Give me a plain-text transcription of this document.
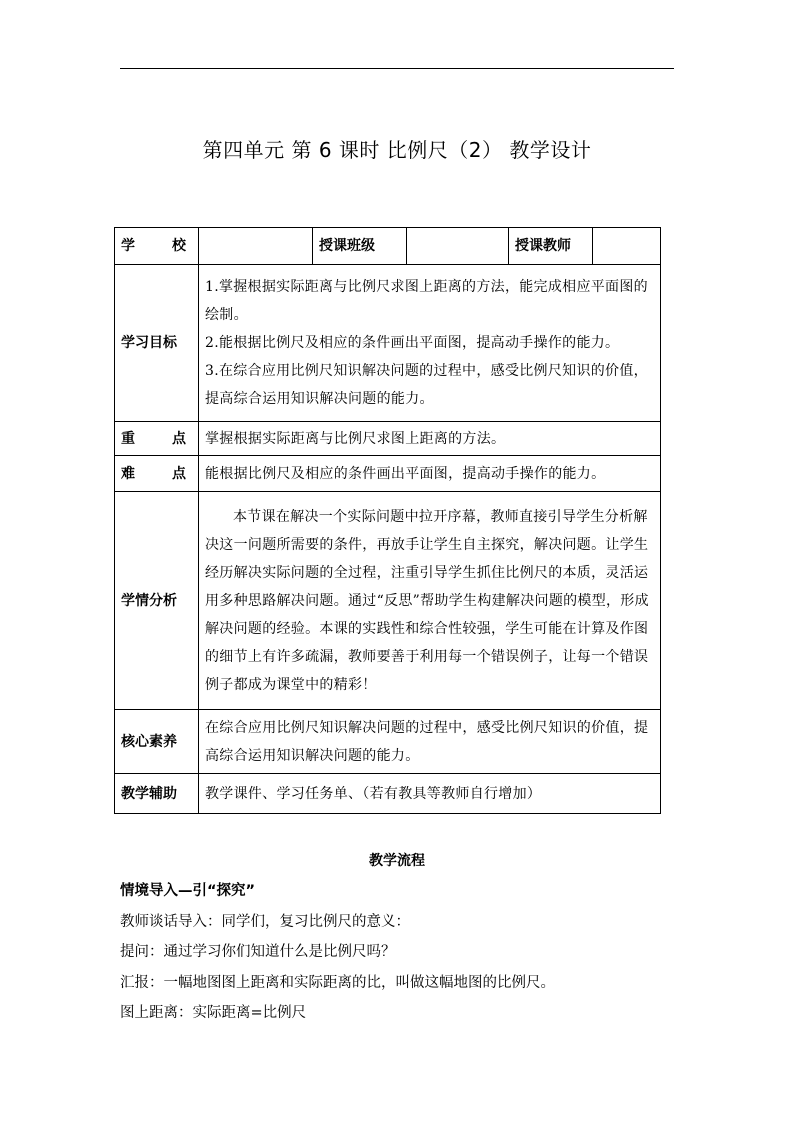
第四单元 第 6 课时 比例尺（2） 教学设计
学 校		授课班级		授课教师	
学习目标	1.掌握根据实际距离与比例尺求图上距离的方法，能完成相应平面图的绘制。

2.能根据比例尺及相应的条件画出平面图，提高动手操作的能力。

3.在综合应用比例尺知识解决问题的过程中，感受比例尺知识的价值，提高综合运用知识解决问题的能力。				

重 点	掌握根据实际距离与比例尺求图上距离的方法。				
难 点	能根据比例尺及相应的条件画出平面图，提高动手操作的能力。				
学情分析	本节课在解决一个实际问题中拉开序幕，教师直接引导学生分析解决这一问题所需要的条件，再放手让学生自主探究，解决问题。让学生经历解决实际问题的全过程，注重引导学生抓住比例尺的本质，灵活运用多种思路解决问题。通过“反思”帮助学生构建解决问题的模型，形成解决问题的经验。本课的实践性和综合性较强，学生可能在计算及作图的细节上有许多疏漏，教师要善于利用每一个错误例子，让每一个错误例子都成为课堂中的精彩！				

核心素养	在综合应用比例尺知识解决问题的过程中，感受比例尺知识的价值，提高综合运用知识解决问题的能力。				
教学辅助	教学课件、学习任务单、（若有教具等教师自行增加）				
教学流程

情境导入—引“探究”

教师谈话导入：同学们，复习比例尺的意义：

提问：通过学习你们知道什么是比例尺吗？

汇报：一幅地图图上距离和实际距离的比，叫做这幅地图的比例尺。

图上距离：实际距离=比例尺
